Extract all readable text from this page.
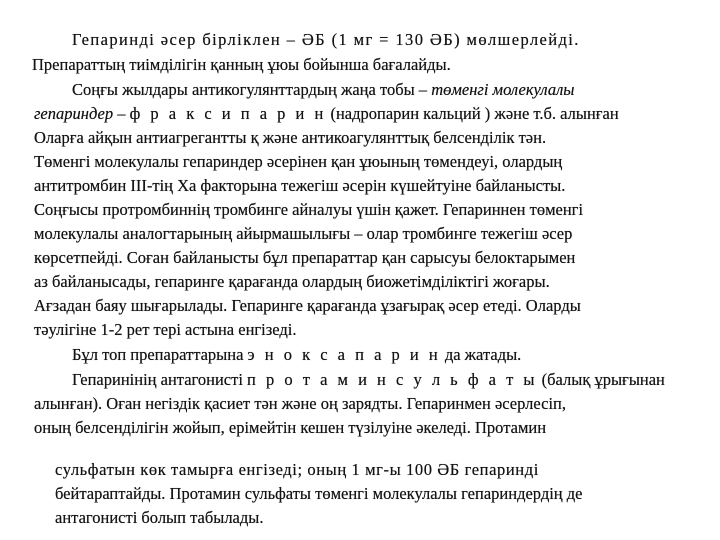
Гепаринді әсер бірліклен – ӘБ (1 мг = 130 ӘБ) мөлшерлейді.
Препараттың тиімділігін қанның ұюы бойынша бағалайды.
Соңғы жылдары антикогулянттардың жаңа тобы – төменгі молекулалы
гепариндер – ф р а к с и п а р и н (надропарин кальций ) және т.б. алынған
Оларға айқын антиагрегантты қ және антикоагулянттық белсенділік тән.
Төменгі молекулалы гепариндер әсерінен қан ұюының төмендеуі, олардың
антитромбин III-тің Ха факторына тежегіш әсерін күшейтуіне байланысты.
Соңғысы протромбиннің тромбинге айналуы үшін қажет. Гепариннен төменгі
молекулалы аналогтарының айырмашылығы – олар тромбинге тежегіш әсер
көрсетпейді. Соған байланысты бұл препараттар қан сарысуы белоктарымен
аз байланысады, гепаринге қарағанда олардың биожетімділіктігі жоғары.
Ағзадан баяу шығарылады. Гепаринге қарағанда ұзағырақ әсер етеді. Оларды
тәулігіне 1-2 рет тері астына енгізеді.
Бұл топ препараттарына э н о к с а п а р и н да жатады.
Гепаринінің антагонисті п р о т а м и н с у л ь ф а т ы (балық ұрығынан
алынған). Оған негіздік қасиет тән және оң зарядты. Гепаринмен әсерлесіп,
оның белсенділігін жойып, ерімейтін кешен түзілуіне әкеледі. Протамин
сульфатын көк тамырға енгізеді; оның 1 мг-ы 100 ӘБ гепаринді
бейтараптайды. Протамин сульфаты төменгі молекулалы гепариндердің де
антагонисті болып табылады.
